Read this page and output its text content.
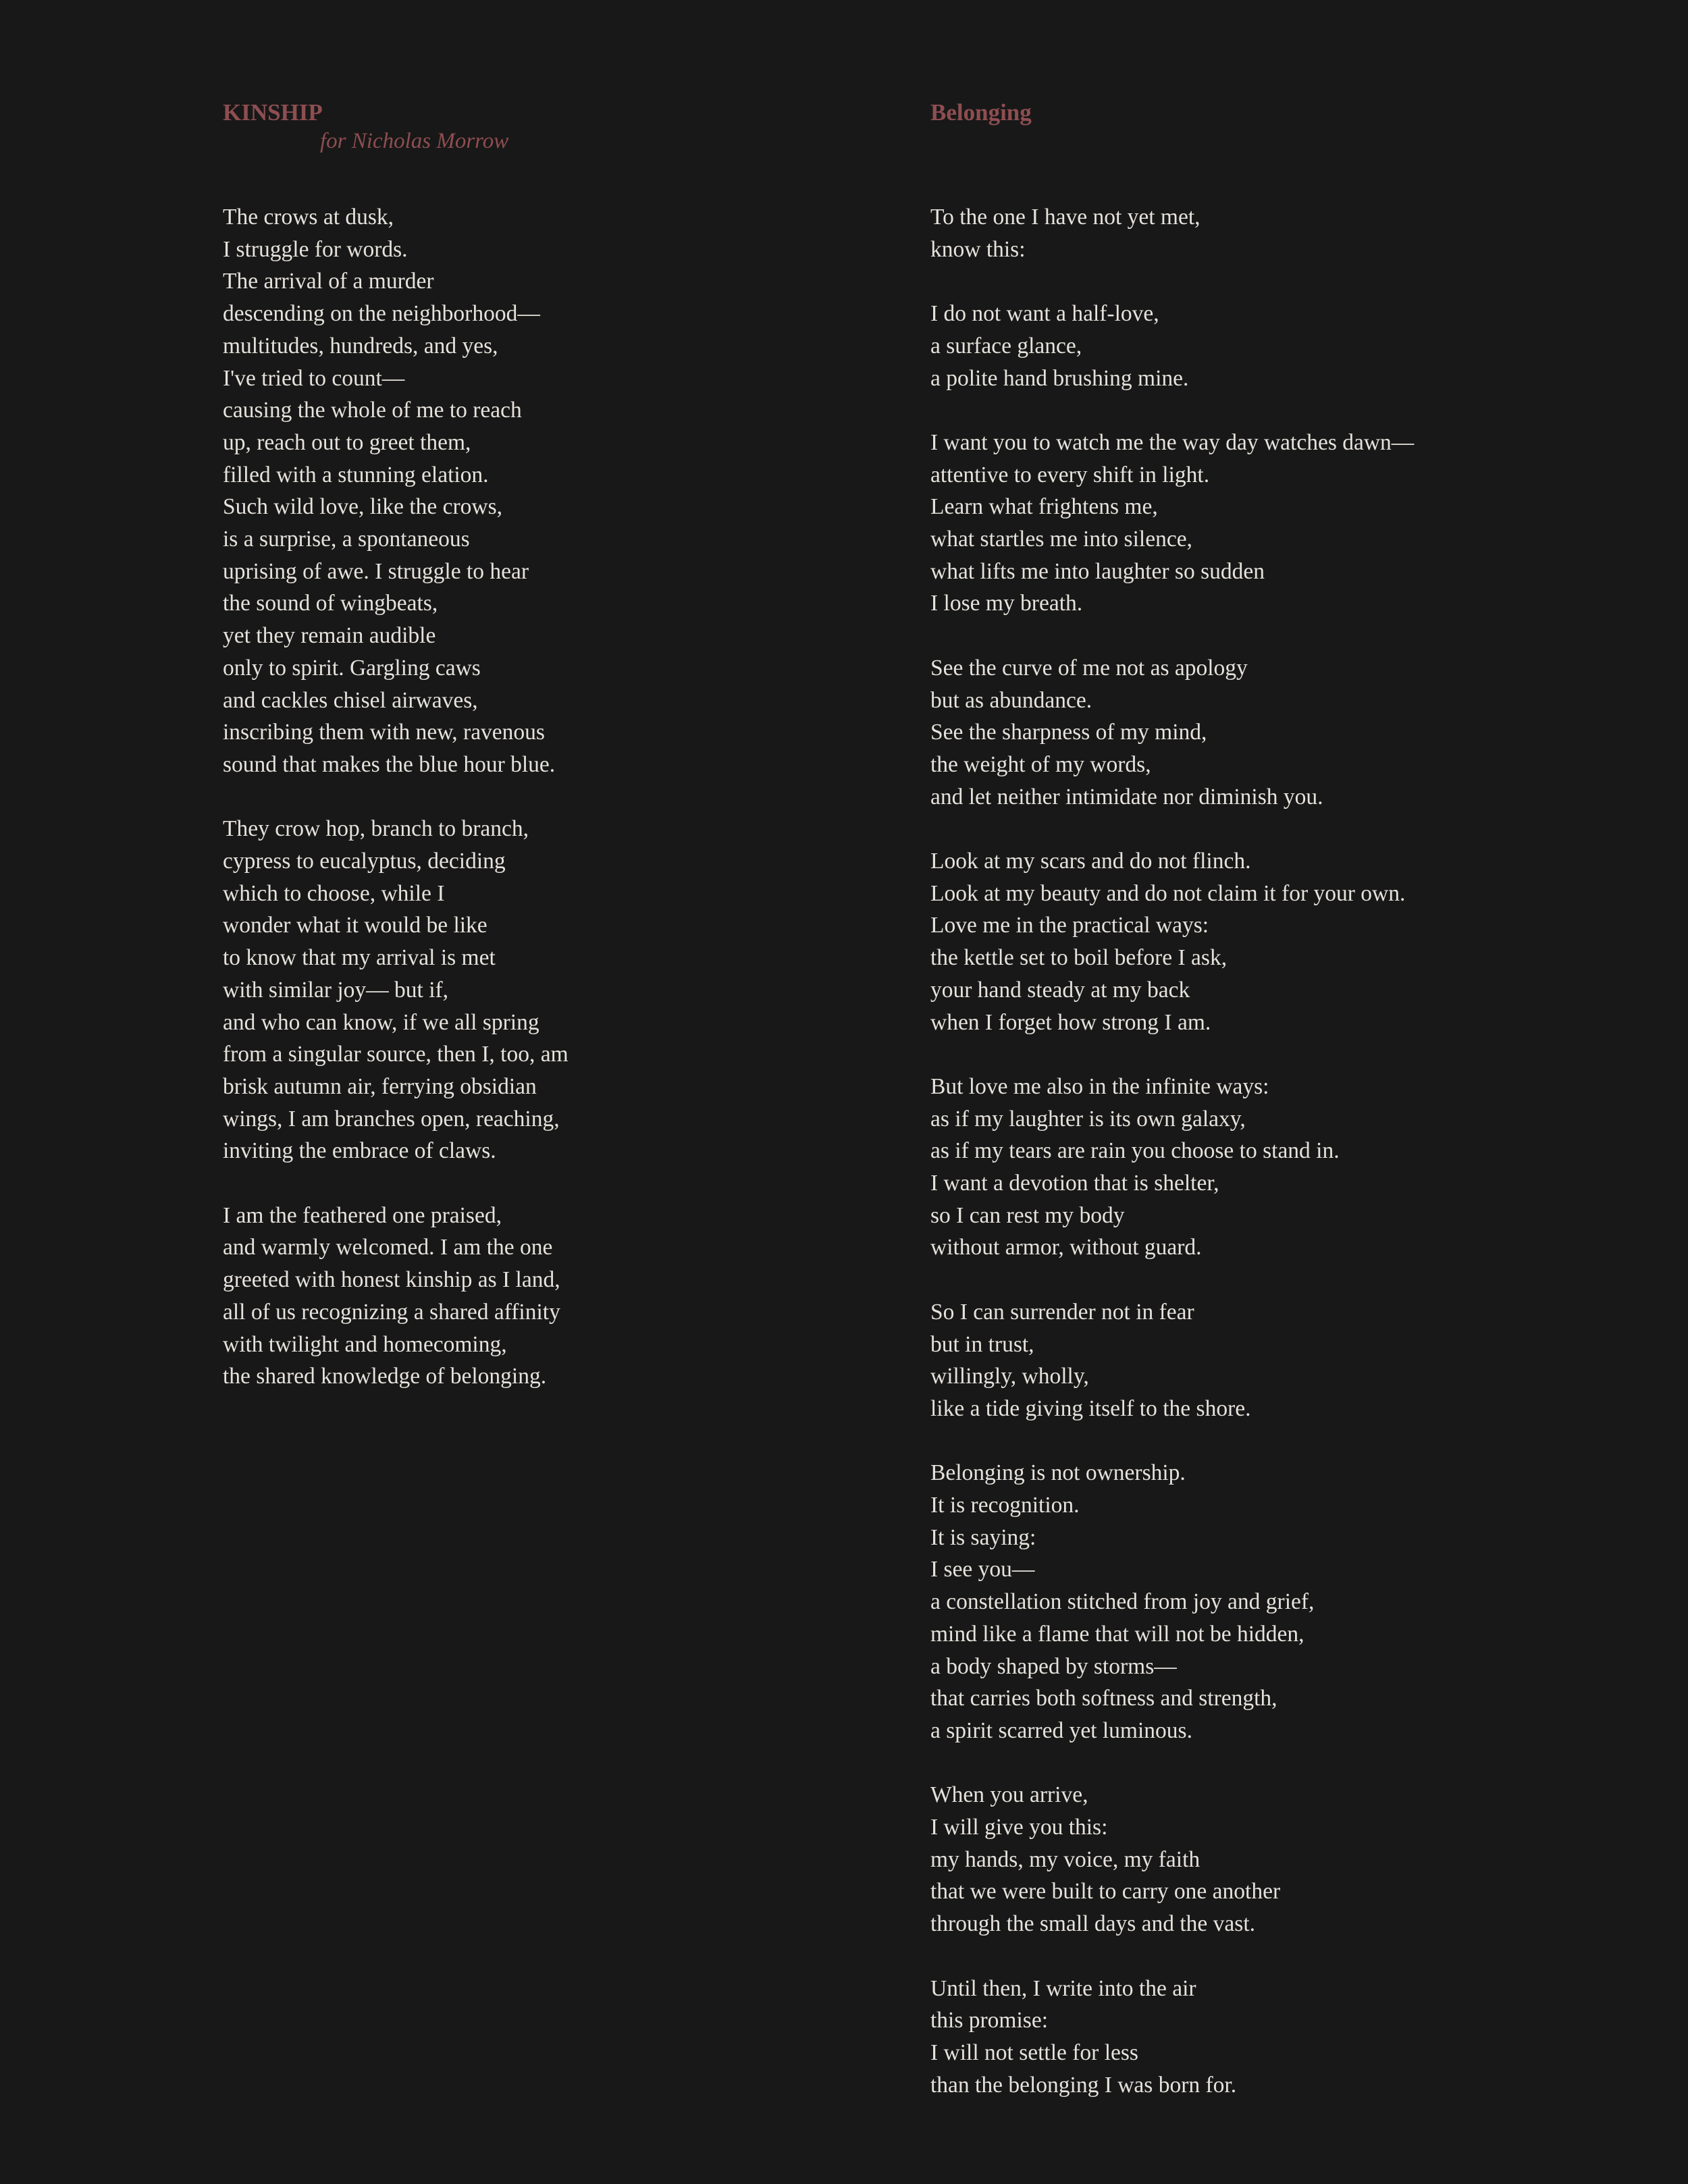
KINSHIP
for Nicholas Morrow
The crows at dusk,
I struggle for words.
The arrival of a murder
descending on the neighborhood—
multitudes, hundreds, and yes,
I've tried to count—
causing the whole of me to reach
up, reach out to greet them,
filled with a stunning elation.
Such wild love, like the crows,
is a surprise, a spontaneous
uprising of awe. I struggle to hear
the sound of wingbeats,
yet they remain audible
only to spirit. Gargling caws
and cackles chisel airwaves,
inscribing them with new, ravenous
sound that makes the blue hour blue.
They crow hop, branch to branch,
cypress to eucalyptus, deciding
which to choose, while I
wonder what it would be like
to know that my arrival is met
with similar joy— but if,
and who can know, if we all spring
from a singular source, then I, too, am
brisk autumn air, ferrying obsidian
wings, I am branches open, reaching,
inviting the embrace of claws.
I am the feathered one praised,
and warmly welcomed. I am the one
greeted with honest kinship as I land,
all of us recognizing a shared affinity
with twilight and homecoming,
the shared knowledge of belonging.
Belonging
To the one I have not yet met,
know this:
I do not want a half-love,
a surface glance,
a polite hand brushing mine.
I want you to watch me the way day watches dawn—
attentive to every shift in light.
Learn what frightens me,
what startles me into silence,
what lifts me into laughter so sudden
I lose my breath.
See the curve of me not as apology
but as abundance.
See the sharpness of my mind,
the weight of my words,
and let neither intimidate nor diminish you.
Look at my scars and do not flinch.
Look at my beauty and do not claim it for your own.
Love me in the practical ways:
the kettle set to boil before I ask,
your hand steady at my back
when I forget how strong I am.
But love me also in the infinite ways:
as if my laughter is its own galaxy,
as if my tears are rain you choose to stand in.
I want a devotion that is shelter,
so I can rest my body
without armor, without guard.
So I can surrender not in fear
but in trust,
willingly, wholly,
like a tide giving itself to the shore.
Belonging is not ownership.
It is recognition.
It is saying:
I see you—
a constellation stitched from joy and grief,
mind like a flame that will not be hidden,
a body shaped by storms—
that carries both softness and strength,
a spirit scarred yet luminous.
When you arrive,
I will give you this:
my hands, my voice, my faith
that we were built to carry one another
through the small days and the vast.
Until then, I write into the air
this promise:
I will not settle for less
than the belonging I was born for.
